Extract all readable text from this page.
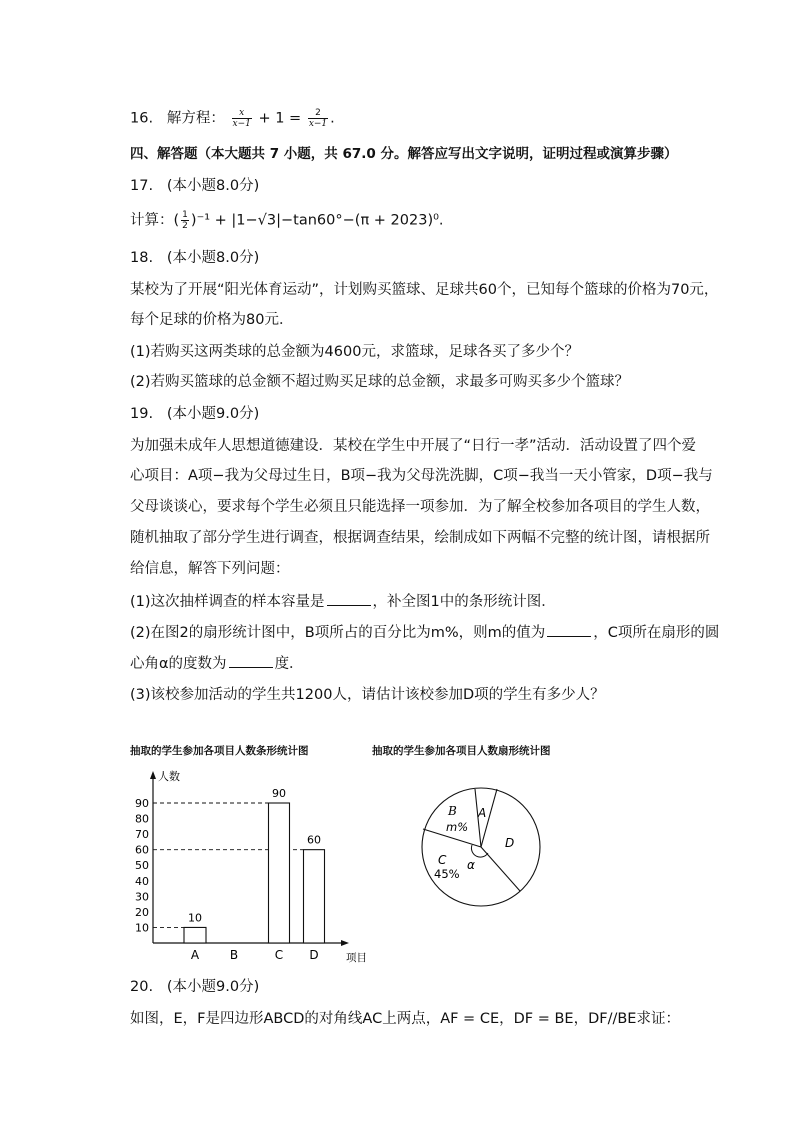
16. 解方程： $\frac{x}{x-1} + 1 = \frac{2}{x-1}$ .
四、解答题（本大题共 7 小题，共 67.0 分。解答应写出文字说明，证明过程或演算步骤）
17. (本小题8.0分)
计算：( $\frac{1}{2} )^{-1} + |1-√3|-\tan 60^\circ-(\pi + 2023)^0$.
18. (本小题8.0分)
某校为了开展“阳光体育运动”，计划购买篮球、足球共60个，已知每个篮球的价格为70元，
每个足球的价格为80元．
(1)若购买这两类球的总金额为4600元，求篮球，足球各买了多少个？
(2)若购买篮球的总金额不超过购买足球的总金额，求最多可购买多少个篮球？
19. (本小题9.0分)
为加强未成年人思想道德建设．某校在学生中开展了“日行一孝”活动．活动设置了四个爱
心项目：A项−我为父母过生日，B项−我为父母洗洗脚，C项−我当一天小管家，D项−我与
父母谈谈心，要求每个学生必须且只能选择一项参加．为了解全校参加各项目的学生人数，
随机抽取了部分学生进行调查，根据调查结果，绘制成如下两幅不完整的统计图，请根据所
给信息，解答下列问题：
(1)这次抽样调查的样本容量是	，补全图1中的条形统计图．
(2)在图2的扇形统计图中，B项所占的百分比为m%，则m的值为	，C项所在扇形的圆
心角α的度数为	度．
(3)该校参加活动的学生共1200人，请估计该校参加D项的学生有多少人？
抽取的学生参加各项目人数条形统计图	抽取的学生参加各项目人数扇形统计图
人数
项目
10
20
30
40
50
60
70
80
90
10
90
60
A	B	C D
B A
m%
D
C
45%
α
20. (本小题9.0分)
如图，E，F是四边形ABCD的对角线AC上两点，AF = CE，DF = BE，DF//BE求证：
